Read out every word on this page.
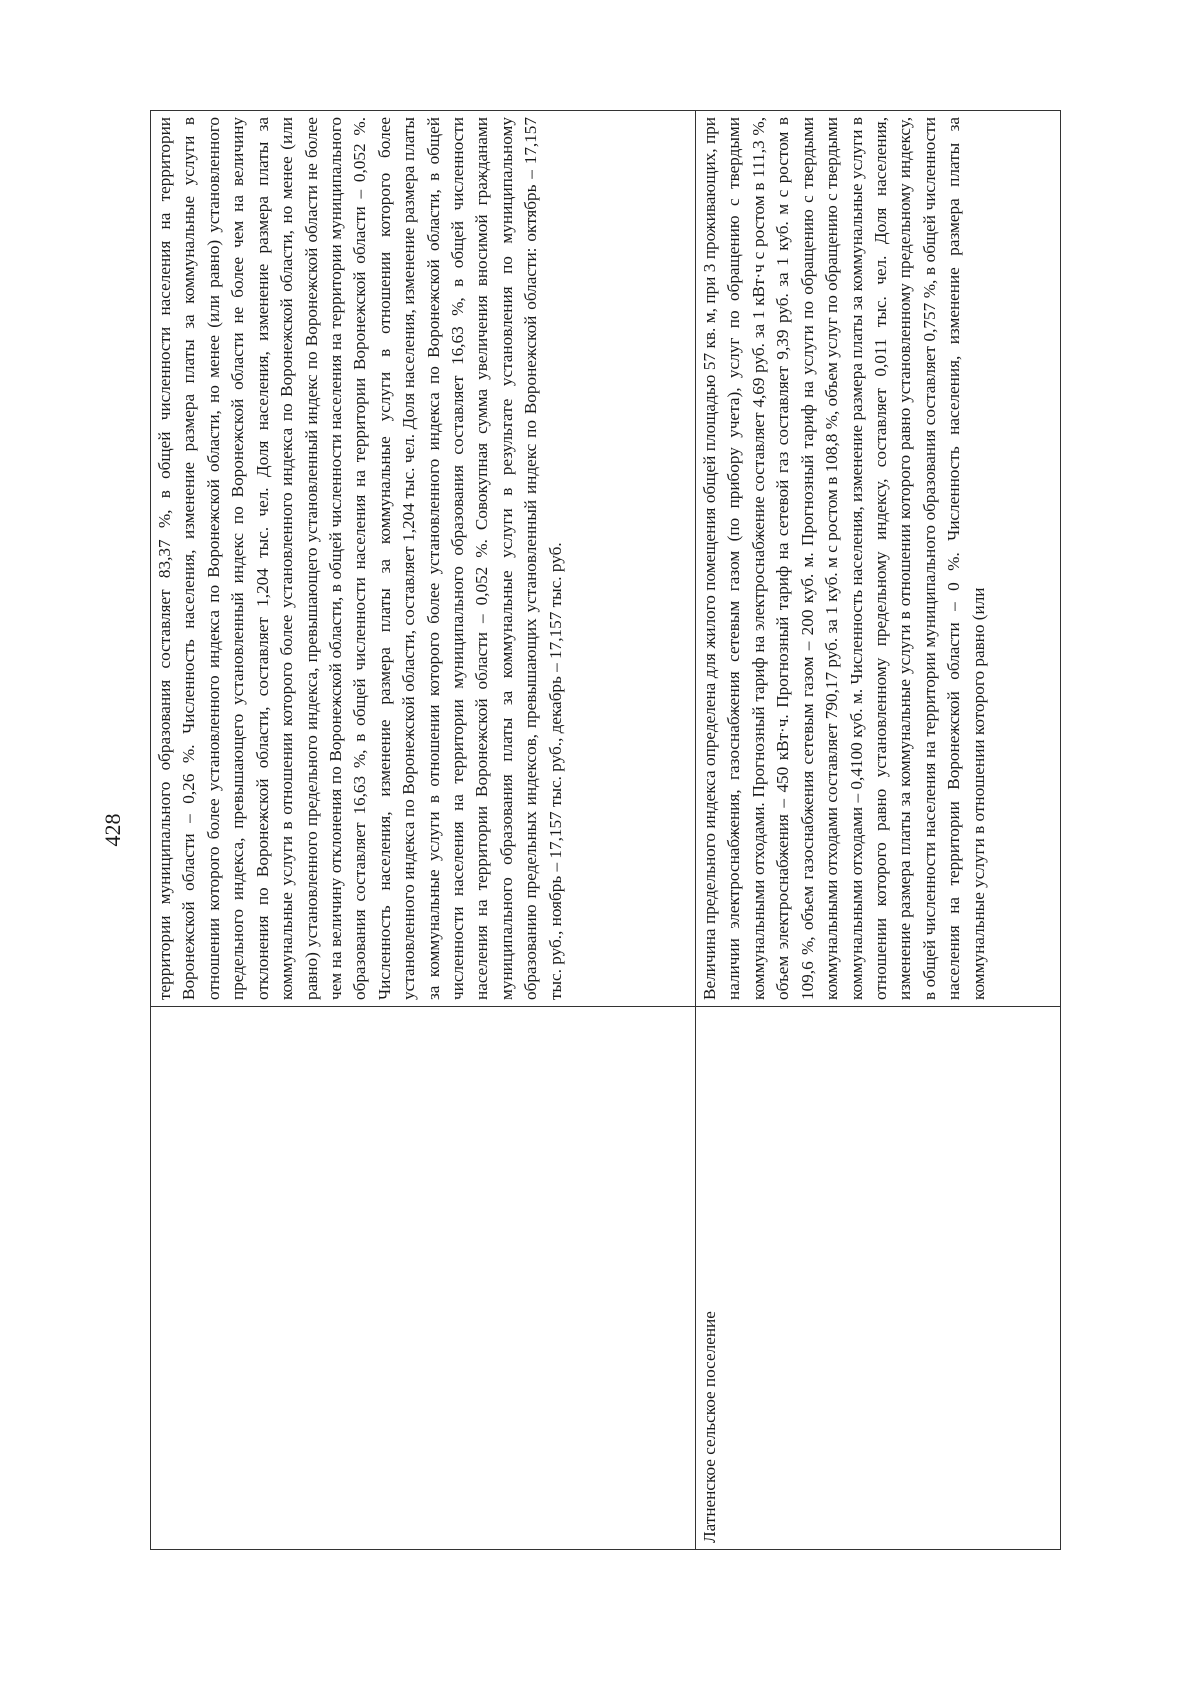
428
	территории муниципального образования составляет 83,37 %, в общей численности населения на территории Воронежской области – 0,26 %. Численность населения, изменение размера платы за коммунальные услуги в отношении которого более установленного индекса по Воронежской области, но менее (или равно) установленного предельного индекса, превышающего установленный индекс по Воронежской области не более чем на величину отклонения по Воронежской области, составляет 1,204 тыс. чел. Доля населения, изменение размера платы за коммунальные услуги в отношении которого более установленного индекса по Воронежской области, но менее (или равно) установленного предельного индекса, превышающего установленный индекс по Воронежской области не более чем на величину отклонения по Воронежской области, в общей численности населения на территории муниципального образования составляет 16,63 %, в общей численности населения на территории Воронежской области – 0,052 %. Численность населения, изменение размера платы за коммунальные услуги в отношении которого более установленного индекса по Воронежской области, составляет 1,204 тыс. чел. Доля населения, изменение размера платы за коммунальные услуги в отношении которого более установленного индекса по Воронежской области, в общей численности населения на территории муниципального образования составляет 16,63 %, в общей численности населения на территории Воронежской области – 0,052 %. Совокупная сумма увеличения вносимой гражданами муниципального образования платы за коммунальные услуги в результате установления по муниципальному образованию предельных индексов, превышающих установленный индекс по Воронежской области: октябрь – 17,157 тыс. руб., ноябрь – 17,157 тыс. руб., декабрь – 17,157 тыс. руб.
Латненское сельское поселение	Величина предельного индекса определена для жилого помещения общей площадью 57 кв. м, при 3 проживающих, при наличии электроснабжения, газоснабжения сетевым газом (по прибору учета), услуг по обращению с твердыми коммунальными отходами. Прогнозный тариф на электроснабжение составляет 4,69 руб. за 1 кВт·ч с ростом в 111,3 %, объем электроснабжения – 450 кВт·ч. Прогнозный тариф на сетевой газ составляет 9,39 руб. за 1 куб. м с ростом в 109,6 %, объем газоснабжения сетевым газом – 200 куб. м. Прогнозный тариф на услуги по обращению с твердыми коммунальными отходами составляет 790,17 руб. за 1 куб. м с ростом в 108,8 %, объем услуг по обращению с твердыми коммунальными отходами – 0,4100 куб. м. Численность населения, изменение размера платы за коммунальные услуги в отношении которого равно установленному предельному индексу, составляет 0,011 тыс. чел. Доля населения, изменение размера платы за коммунальные услуги в отношении которого равно установленному предельному индексу, в общей численности населения на территории муниципального образования составляет 0,757 %, в общей численности населения на территории Воронежской области – 0 %. Численность населения, изменение размера платы за коммунальные услуги в отношении которого равно (или
